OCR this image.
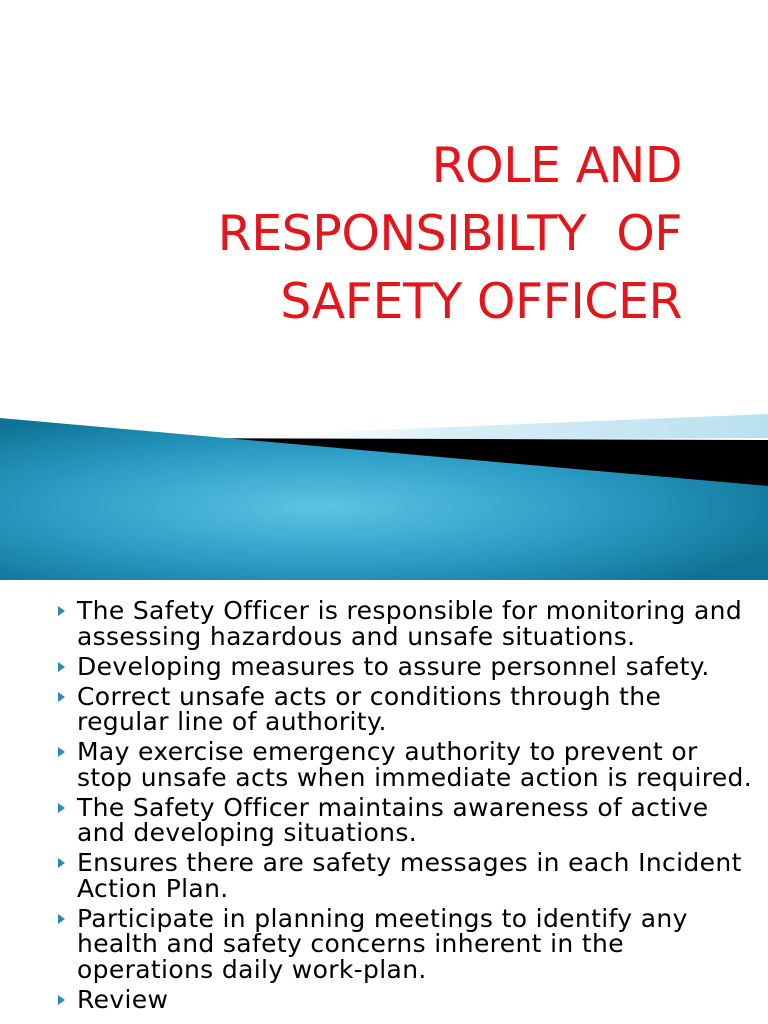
ROLE AND
RESPONSIBILTY  OF
SAFETY OFFICER
The Safety Officer is responsible for monitoring and assessing hazardous and unsafe situations.
Developing measures to assure personnel safety.
Correct unsafe acts or conditions through the regular line of authority.
May exercise emergency authority to prevent or stop unsafe acts when immediate action is required.
The Safety Officer maintains awareness of active and developing situations.
Ensures there are safety messages in each Incident Action Plan.
Participate in planning meetings to identify any health and safety concerns inherent in the operations daily work-plan.
Review
